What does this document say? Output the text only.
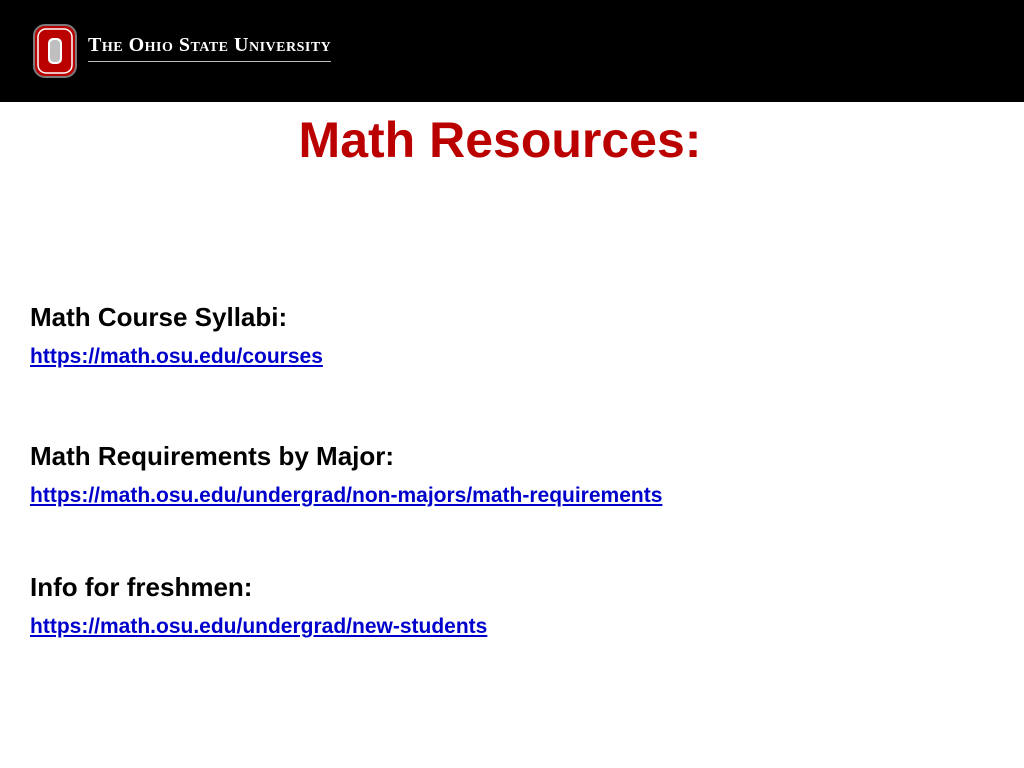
The Ohio State University
Math Resources:
Math Course Syllabi:
https://math.osu.edu/courses
Math Requirements by Major:
https://math.osu.edu/undergrad/non-majors/math-requirements
Info for freshmen:
https://math.osu.edu/undergrad/new-students
